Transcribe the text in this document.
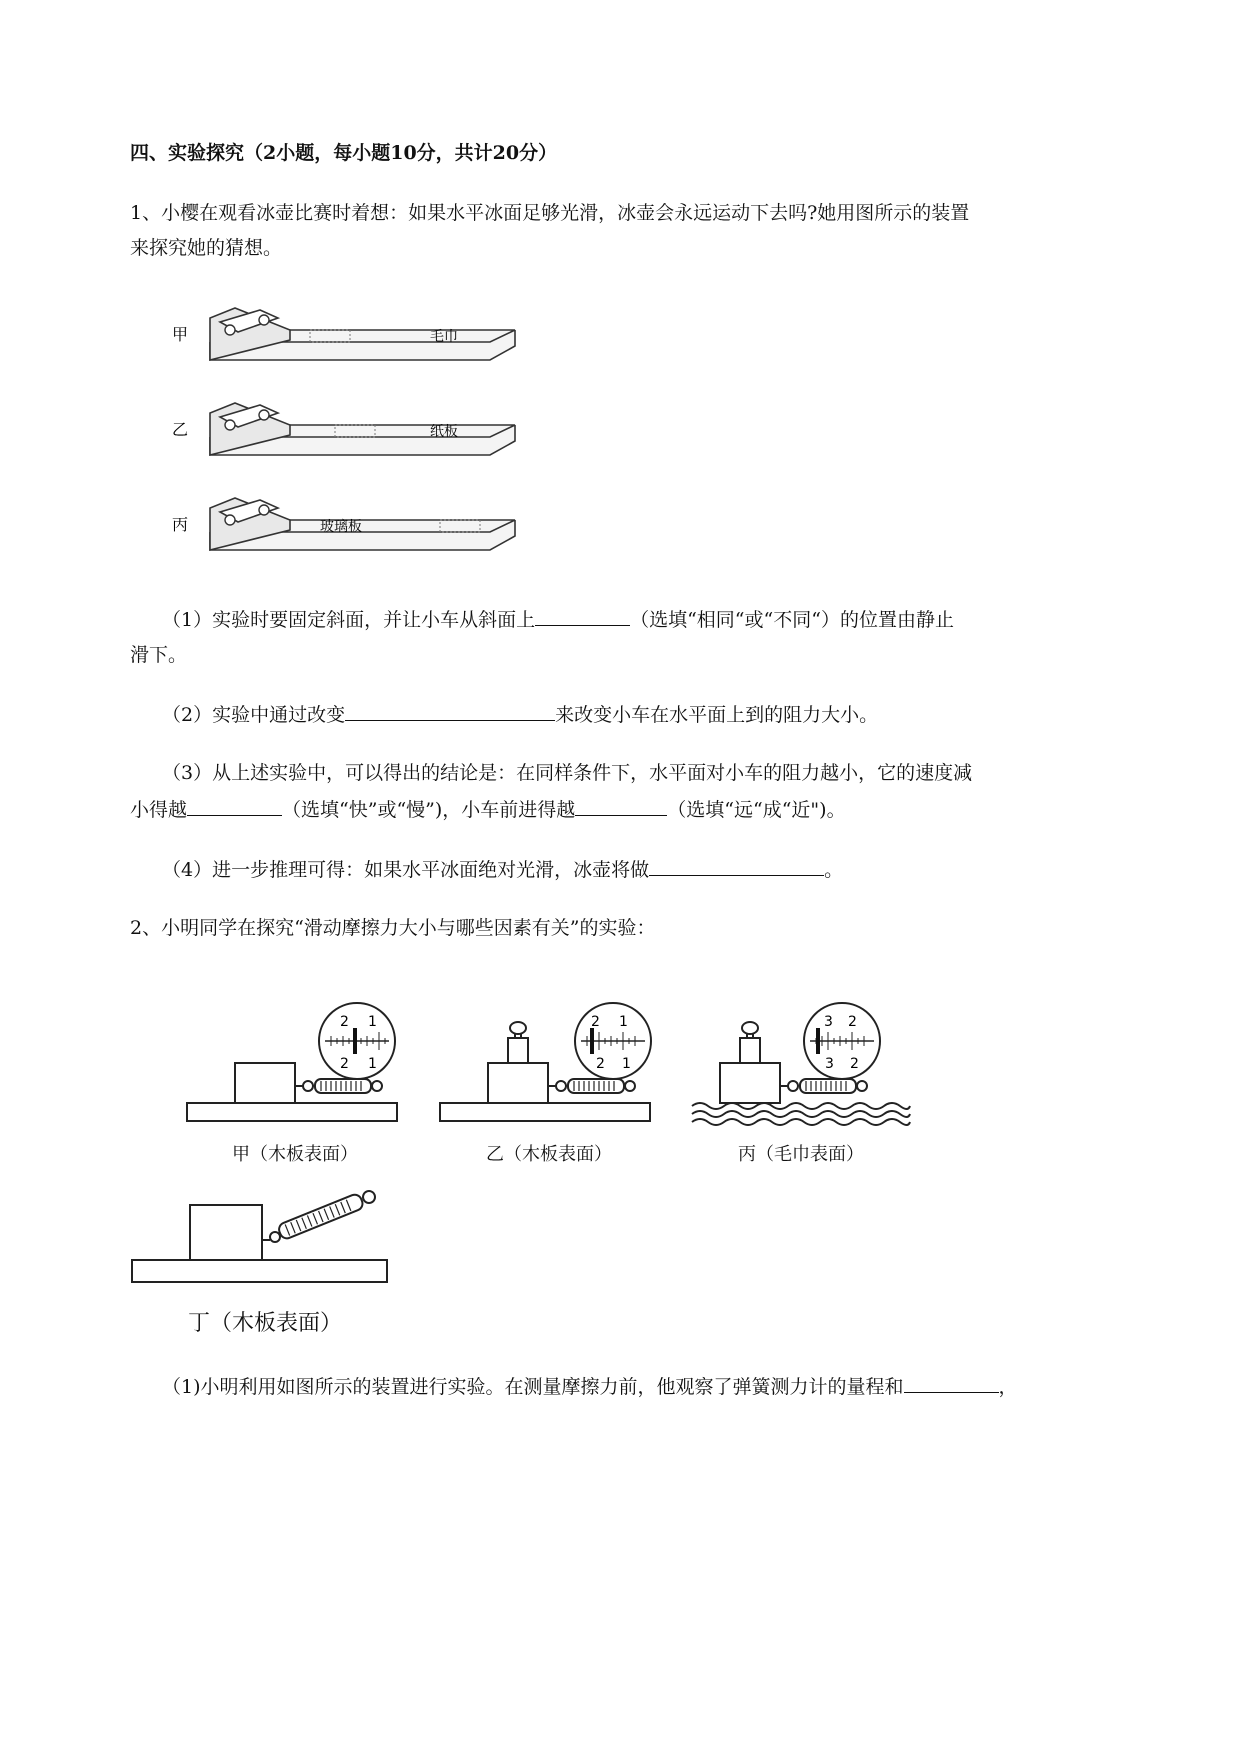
四、实验探究（2小题，每小题10分，共计20分）
1、小樱在观看冰壶比赛时着想：如果水平冰面足够光滑，冰壶会永远运动下去吗?她用图所示的装置
来探究她的猜想。
甲	毛巾
乙	纸板
丙	玻璃板
（1）实验时要固定斜面，并让小车从斜面上	（选填“相同“或“不同“）的位置由静止
滑下。
（2）实验中通过改变	来改变小车在水平面上到的阻力大小。
（3）从上述实验中，可以得出的结论是：在同样条件下，水平面对小车的阻力越小，它的速度减
小得越	（选填“快”或“慢”)，小车前进得越	（选填“远“成“近")。
（4）进一步推理可得：如果水平冰面绝对光滑，冰壶将做	。
2、小明同学在探究“滑动摩擦力大小与哪些因素有关”的实验：
2 1
2 1
甲（木板表面）
2 1
2 1
乙（木板表面）
3 2
3 2
丙（毛巾表面）
丁（木板表面）
（1)小明利用如图所示的装置进行实验。在测量摩擦力前，他观察了弹簧测力计的量程和	，
